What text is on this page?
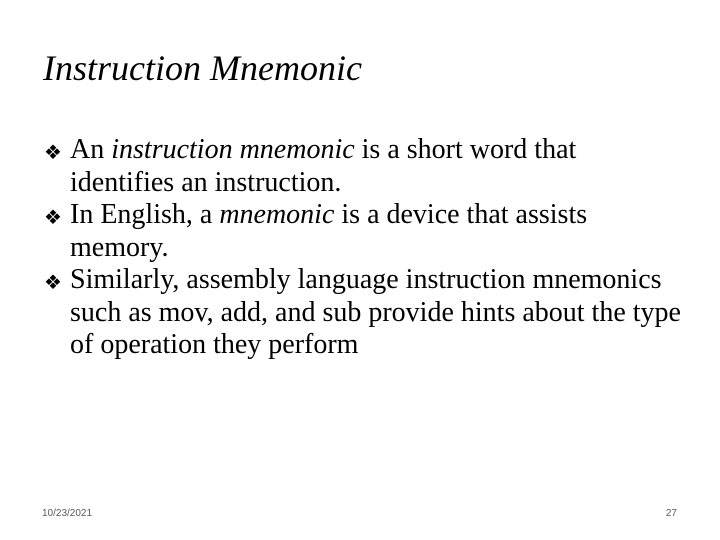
Instruction Mnemonic
❖ An instruction mnemonic is a short word that identifies an instruction.
❖ In English, a mnemonic is a device that assists memory.
❖ Similarly, assembly language instruction mnemonics such as mov, add, and sub provide hints about the type of operation they perform
10/23/2021	27
